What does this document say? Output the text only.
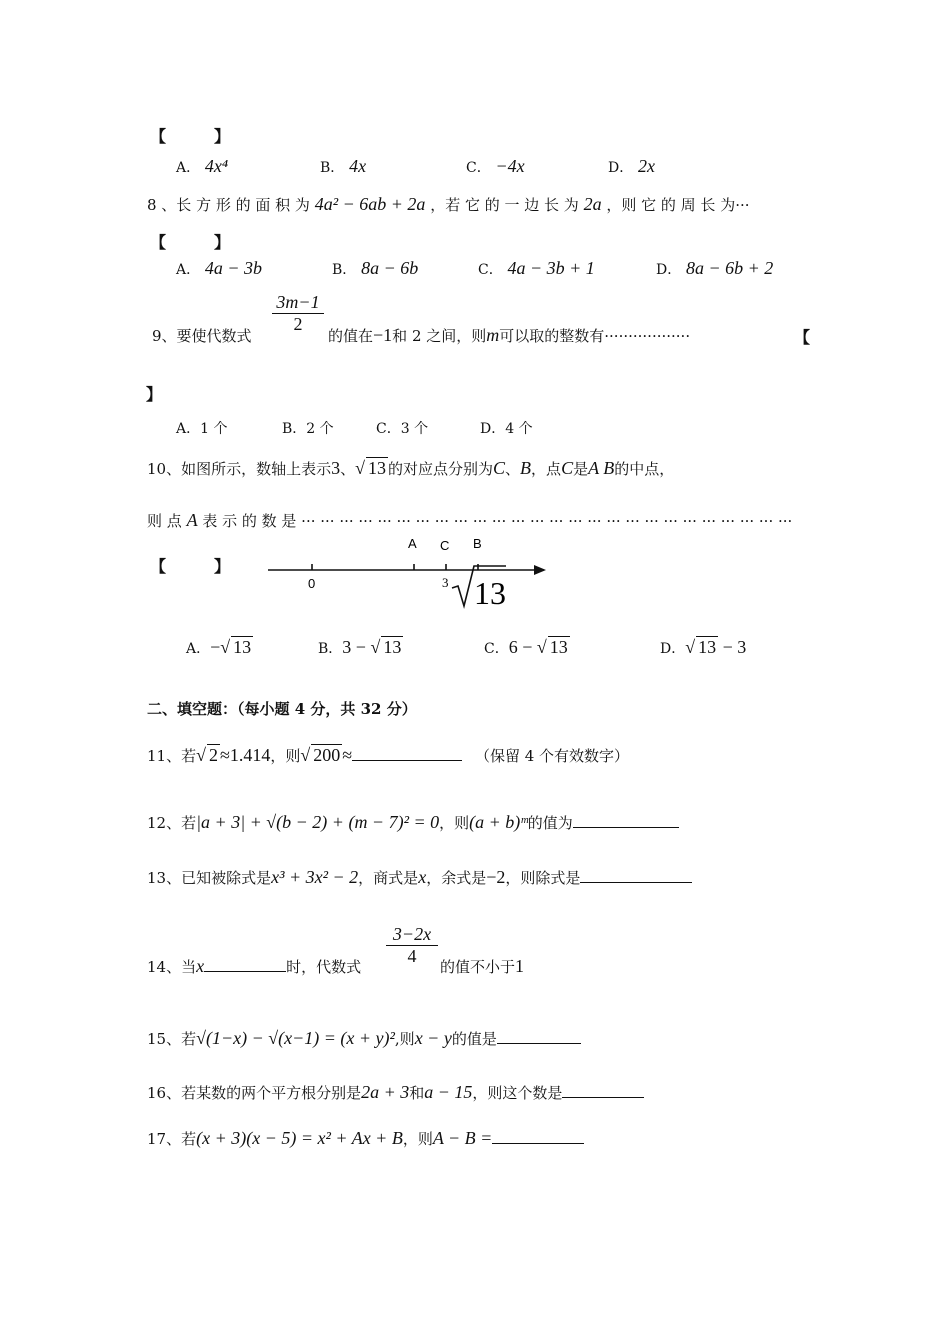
【　　　】
A． 4x⁴	B． 4x	C． −4x	D． 2x
8 、长 方 形 的 面 积 为 4a² − 6ab + 2a ，若 它 的 一 边 长 为 2a ，则 它 的 周 长 为···
【　　　】
A． 4a − 3b	B． 8a − 6b	C． 4a − 3b + 1	D． 8a − 6b + 2
9、要使代数式
$\frac{3m-1}{2}$
的值在−1和 2 之间，则m可以取的整数有··················	【
】
A．1 个	B．2 个	C．3 个	D．4 个
10、如图所示，数轴上表示3、√ 13 的对应点分别为C、B，点C是A B的中点，
则 点 A 表 示 的 数 是 ··· ··· ··· ··· ··· ··· ··· ··· ··· ··· ··· ··· ··· ··· ··· ··· ··· ··· ··· ··· ··· ··· ··· ··· ··· ···
【　　　】
0
A C B
3 13
A．−√ 13	B．3 − √ 13	C．6 − √ 13	D．√ 13 − 3
二、填空题：（每小题 4 分，共 32 分）
11、若√ 2 ≈1.414，则√ 200 ≈	（保留 4 个有效数字）
12、若|a + 3| + √(b − 2) + (m − 7)² = 0，则(a + b)ᵐ的值为
13、已知被除式是x³ + 3x² − 2，商式是x，余式是−2，则除式是
14、当x	时，代数式 $\frac{3-2x}{4}$ 的值不小于1
15、若√(1−x) − √(x−1) = (x + y)²,则x − y的值是
16、若某数的两个平方根分别是2a + 3和a − 15，则这个数是
17、若(x + 3)(x − 5) = x² + Ax + B，则A − B =
